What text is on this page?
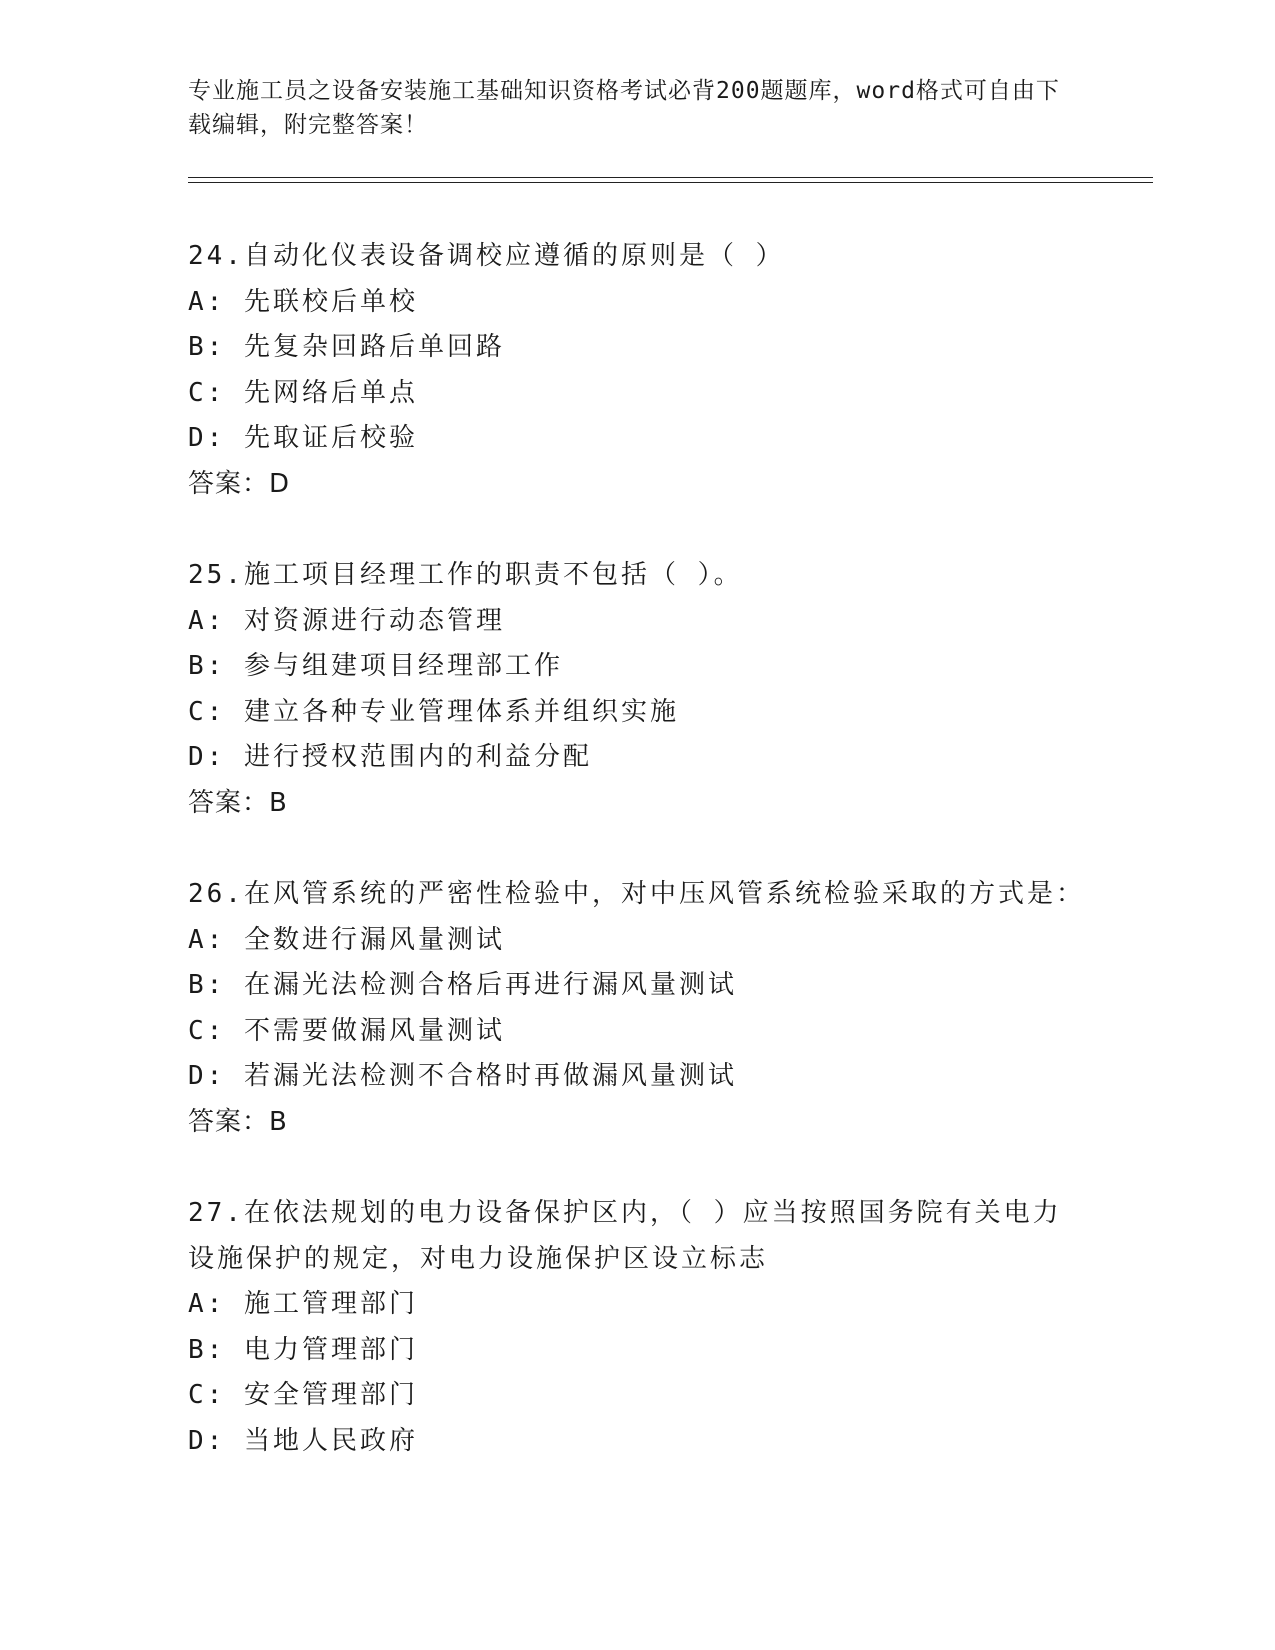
专业施工员之设备安装施工基础知识资格考试必背200题题库，word格式可自由下载编辑，附完整答案！
24.自动化仪表设备调校应遵循的原则是（ ）
A: 先联校后单校
B: 先复杂回路后单回路
C: 先网络后单点
D: 先取证后校验
答案：D
25.施工项目经理工作的职责不包括（ ）。
A: 对资源进行动态管理
B: 参与组建项目经理部工作
C: 建立各种专业管理体系并组织实施
D: 进行授权范围内的利益分配
答案：B
26.在风管系统的严密性检验中，对中压风管系统检验采取的方式是：
A: 全数进行漏风量测试
B: 在漏光法检测合格后再进行漏风量测试
C: 不需要做漏风量测试
D: 若漏光法检测不合格时再做漏风量测试
答案：B
27.在依法规划的电力设备保护区内，（ ）应当按照国务院有关电力
设施保护的规定，对电力设施保护区设立标志
A: 施工管理部门
B: 电力管理部门
C: 安全管理部门
D: 当地人民政府
